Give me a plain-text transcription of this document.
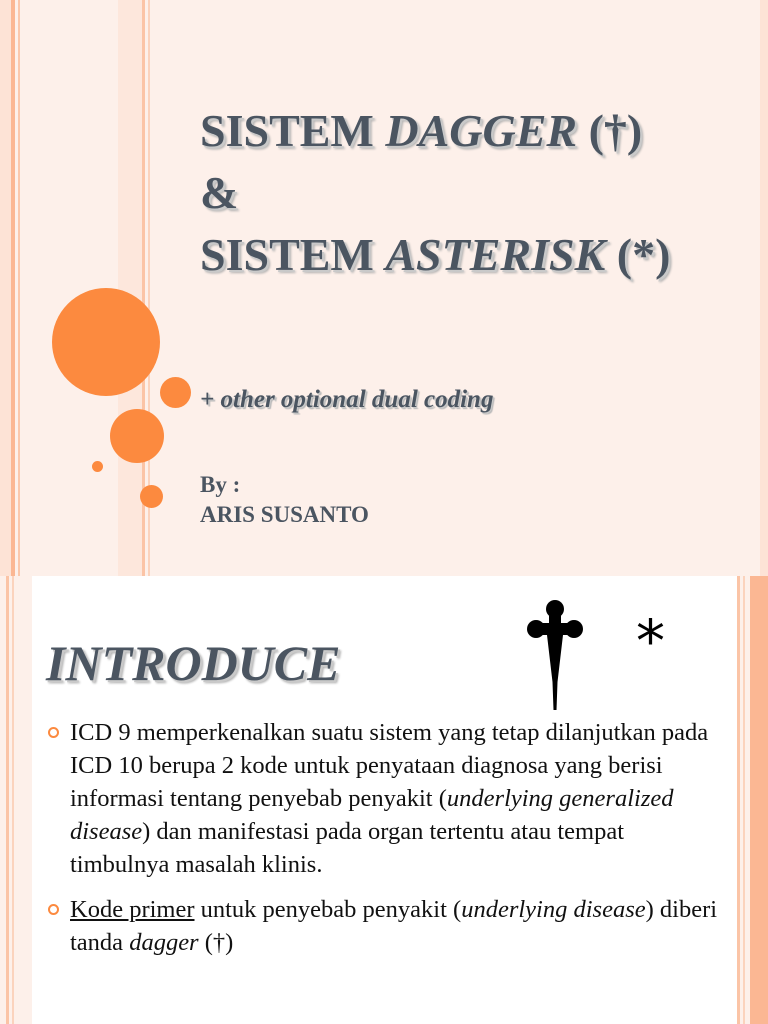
SISTEM DAGGER (†)
&
SISTEM ASTERISK (*)
+ other optional dual coding
By :
ARIS SUSANTO
INTRODUCE	*
ICD 9 memperkenalkan suatu sistem yang tetap dilanjutkan pada ICD 10 berupa 2 kode untuk penyataan diagnosa yang berisi informasi tentang penyebab penyakit (underlying generalized disease) dan manifestasi pada organ tertentu atau tempat timbulnya masalah klinis.
Kode primer untuk penyebab penyakit (underlying disease) diberi tanda dagger (†)
